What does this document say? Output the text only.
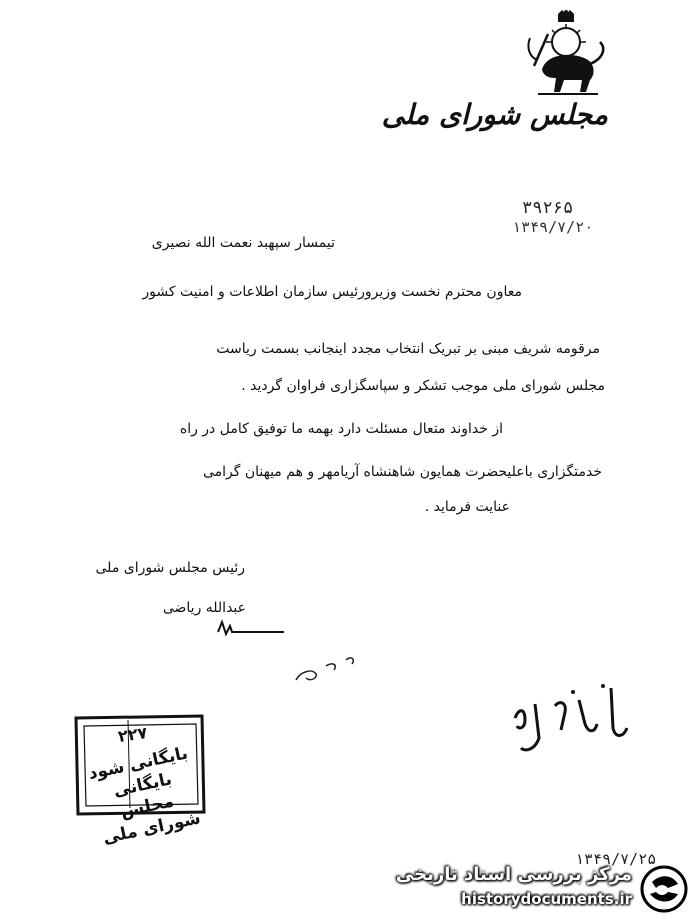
مجلس شورای ملی
۳۹۲۶۵
۱۳۴۹/۷/۲۰
تیمسار سپهبد نعمت الله نصیری
معاون محترم نخست وزیرورئیس سازمان اطلاعات و امنیت کشور
مرقومه شریف مبنی بر تبریک انتخاب مجدد اینجانب بسمت ریاست
مجلس شورای ملی موجب تشکر و سپاسگزاری فراوان گردید .
از خداوند متعال مسئلت دارد بهمه ما توفیق کامل در راه
خدمتگزاری باعلیحضرت همایون شاهنشاه آریامهر و هم میهنان گرامی
عنایت فرماید .
رئیس مجلس شورای ملی
عبدالله ریاضی
۲۲۷
بایگانی شود بایگانی مجلس شورای ملی
۱۳۴۹/۷/۲۵
مرکز بررسی اسناد تاریخی
historydocuments.ir
